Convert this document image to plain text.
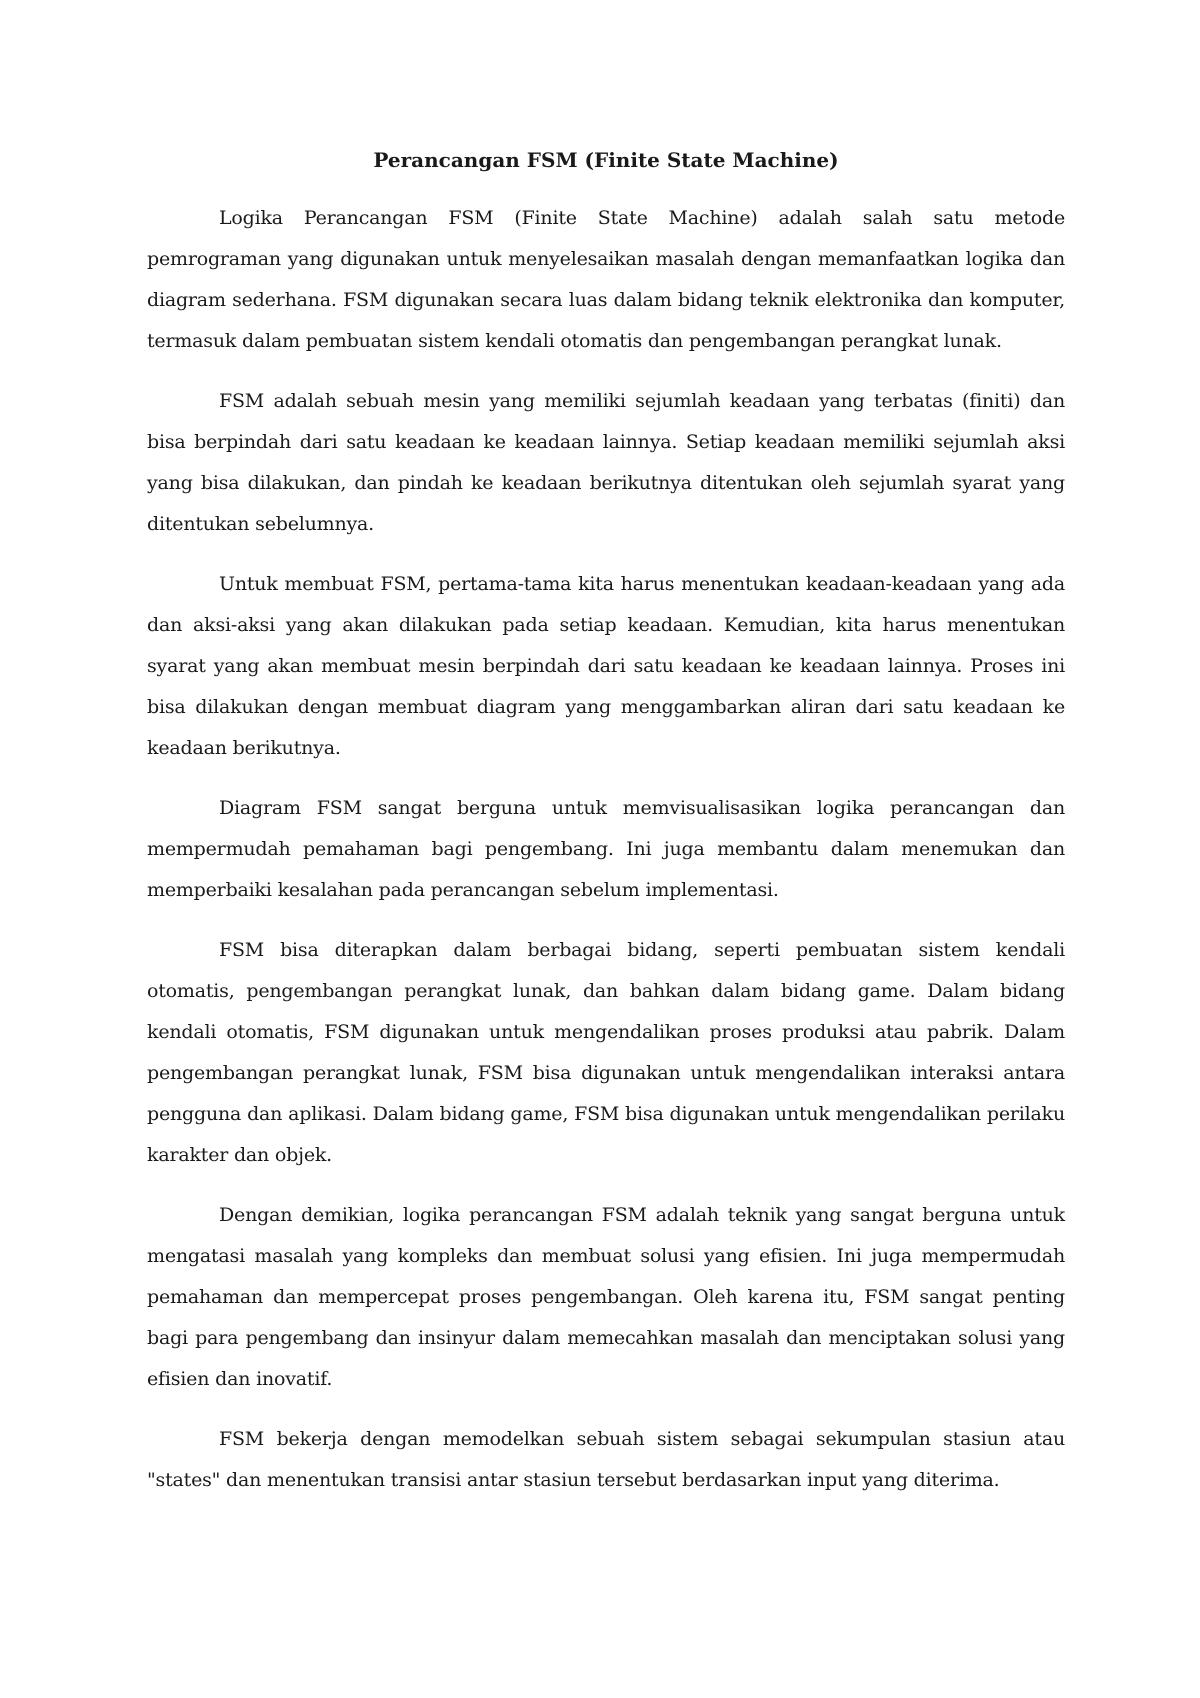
Perancangan FSM (Finite State Machine)

Logika Perancangan FSM (Finite State Machine) adalah salah satu metode pemrograman yang digunakan untuk menyelesaikan masalah dengan memanfaatkan logika dan diagram sederhana. FSM digunakan secara luas dalam bidang teknik elektronika dan komputer, termasuk dalam pembuatan sistem kendali otomatis dan pengembangan perangkat lunak.

FSM adalah sebuah mesin yang memiliki sejumlah keadaan yang terbatas (finiti) dan bisa berpindah dari satu keadaan ke keadaan lainnya. Setiap keadaan memiliki sejumlah aksi yang bisa dilakukan, dan pindah ke keadaan berikutnya ditentukan oleh sejumlah syarat yang ditentukan sebelumnya.

Untuk membuat FSM, pertama-tama kita harus menentukan keadaan-keadaan yang ada dan aksi-aksi yang akan dilakukan pada setiap keadaan. Kemudian, kita harus menentukan syarat yang akan membuat mesin berpindah dari satu keadaan ke keadaan lainnya. Proses ini bisa dilakukan dengan membuat diagram yang menggambarkan aliran dari satu keadaan ke keadaan berikutnya.

Diagram FSM sangat berguna untuk memvisualisasikan logika perancangan dan mempermudah pemahaman bagi pengembang. Ini juga membantu dalam menemukan dan memperbaiki kesalahan pada perancangan sebelum implementasi.

FSM bisa diterapkan dalam berbagai bidang, seperti pembuatan sistem kendali otomatis, pengembangan perangkat lunak, dan bahkan dalam bidang game. Dalam bidang kendali otomatis, FSM digunakan untuk mengendalikan proses produksi atau pabrik. Dalam pengembangan perangkat lunak, FSM bisa digunakan untuk mengendalikan interaksi antara pengguna dan aplikasi. Dalam bidang game, FSM bisa digunakan untuk mengendalikan perilaku karakter dan objek.

Dengan demikian, logika perancangan FSM adalah teknik yang sangat berguna untuk mengatasi masalah yang kompleks dan membuat solusi yang efisien. Ini juga mempermudah pemahaman dan mempercepat proses pengembangan. Oleh karena itu, FSM sangat penting bagi para pengembang dan insinyur dalam memecahkan masalah dan menciptakan solusi yang efisien dan inovatif.

FSM bekerja dengan memodelkan sebuah sistem sebagai sekumpulan stasiun atau "states" dan menentukan transisi antar stasiun tersebut berdasarkan input yang diterima.
